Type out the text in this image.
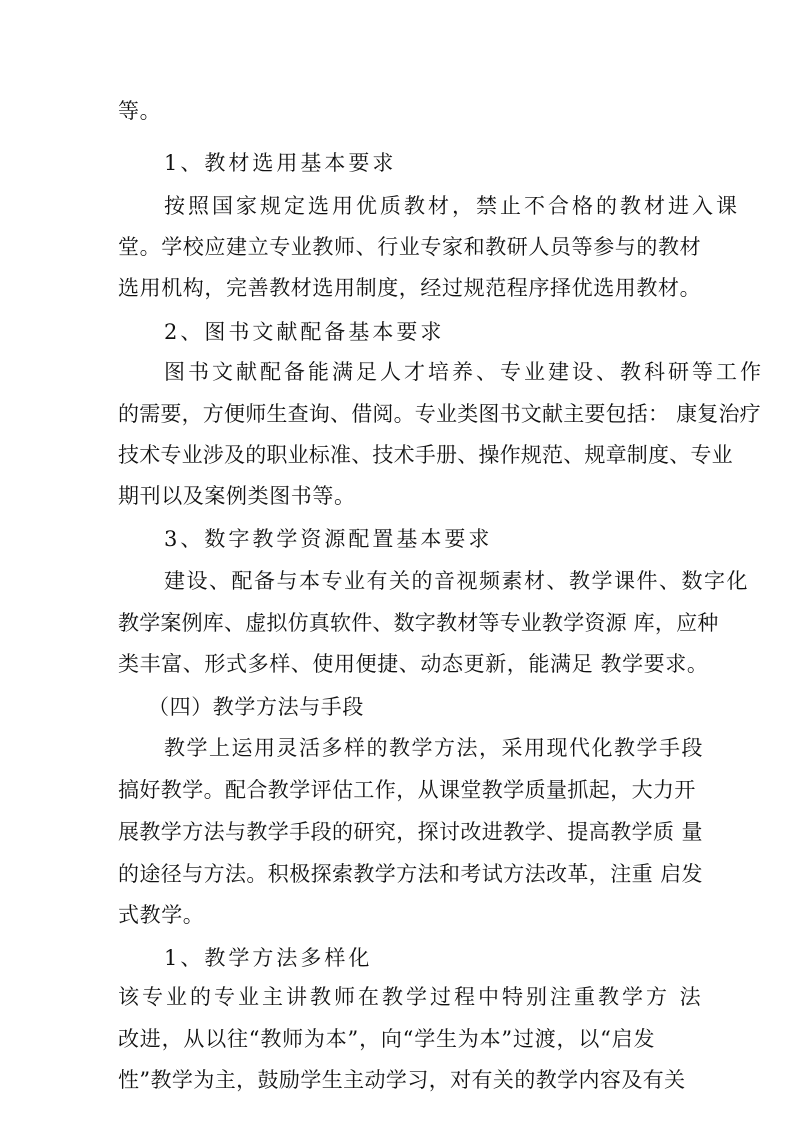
等。
1、教材选用基本要求
按照国家规定选用优质教材，禁止不合格的教材进入课
堂。学校应建立专业教师、行业专家和教研人员等参与的教材
选用机构，完善教材选用制度，经过规范程序择优选用教材。
2、图书文献配备基本要求
图书文献配备能满足人才培养、专业建设、教科研等工作
的需要，方便师生查询、借阅。专业类图书文献主要包括： 康复治疗
技术专业涉及的职业标准、技术手册、操作规范、规章制度、专业
期刊以及案例类图书等。
3、数字教学资源配置基本要求
建设、配备与本专业有关的音视频素材、教学课件、数字化
教学案例库、虚拟仿真软件、数字教材等专业教学资源 库，应种
类丰富、形式多样、使用便捷、动态更新，能满足 教学要求。
（四）教学方法与手段
教学上运用灵活多样的教学方法，采用现代化教学手段
搞好教学。配合教学评估工作，从课堂教学质量抓起，大力开
展教学方法与教学手段的研究，探讨改进教学、提高教学质 量
的途径与方法。积极探索教学方法和考试方法改革，注重 启发
式教学。
1、教学方法多样化
该专业的专业主讲教师在教学过程中特别注重教学方 法
改进，从以往“教师为本”，向“学生为本”过渡，以“启发
性”教学为主，鼓励学生主动学习，对有关的教学内容及有关
